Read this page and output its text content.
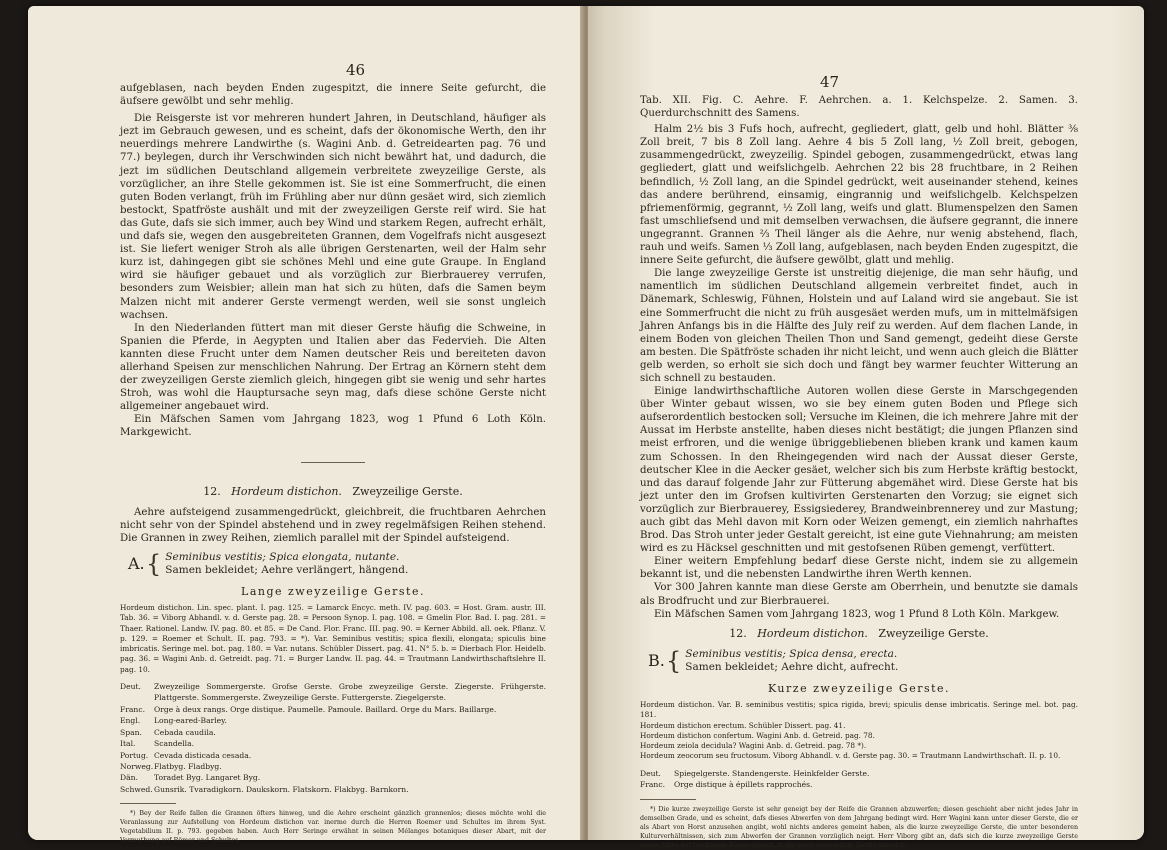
46

aufgeblasen, nach beyden Enden zugespitzt, die innere Seite gefurcht, die äufsere gewölbt und sehr mehlig.

Die Reisgerste ist vor mehreren hundert Jahren, in Deutschland, häufiger als jezt im Gebrauch gewesen, und es scheint, dafs der ökonomische Werth, den ihr neuerdings mehrere Landwirthe (s. Wagini Anb. d. Getreidearten pag. 76 und 77.) beylegen, durch ihr Verschwinden sich nicht bewährt hat, und dadurch, die jezt im südlichen Deutschland allgemein verbreitete zweyzeilige Gerste, als vorzüglicher, an ihre Stelle gekommen ist. Sie ist eine Sommerfrucht, die einen guten Boden verlangt, früh im Frühling aber nur dünn gesäet wird, sich ziemlich bestockt, Spatfröste aushält und mit der zweyzeiligen Gerste reif wird. Sie hat das Gute, dafs sie sich immer, auch bey Wind und starkem Regen, aufrecht erhält, und dafs sie, wegen den ausgebreiteten Grannen, dem Vogelfrafs nicht ausgesezt ist. Sie liefert weniger Stroh als alle übrigen Gerstenarten, weil der Halm sehr kurz ist, dahingegen gibt sie schönes Mehl und eine gute Graupe. In England wird sie häufiger gebauet und als vorzüglich zur Bierbrauerey verrufen, besonders zum Weisbier; allein man hat sich zu hüten, dafs die Samen beym Malzen nicht mit anderer Gerste vermengt werden, weil sie sonst ungleich wachsen.

In den Niederlanden füttert man mit dieser Gerste häufig die Schweine, in Spanien die Pferde, in Aegypten und Italien aber das Federvieh. Die Alten kannten diese Frucht unter dem Namen deutscher Reis und bereiteten davon allerhand Speisen zur menschlichen Nahrung. Der Ertrag an Körnern steht dem der zweyzeiligen Gerste ziemlich gleich, hingegen gibt sie wenig und sehr hartes Stroh, was wohl die Hauptursache seyn mag, dafs diese schöne Gerste nicht allgemeiner angebauet wird.

Ein Mäfschen Samen vom Jahrgang 1823, wog 1 Pfund 6 Loth Köln. Markgewicht.

12. Hordeum distichon. Zweyzeilige Gerste.

Aehre aufsteigend zusammengedrückt, gleichbreit, die fruchtbaren Aehrchen nicht sehr von der Spindel abstehend und in zwey regelmäfsigen Reihen stehend. Die Grannen in zwey Reihen, ziemlich parallel mit der Spindel aufsteigend.

A. { Seminibus vestitis; Spica elongata, nutante.
Samen bekleidet; Aehre verlängert, hängend.
Lange zweyzeilige Gerste.

Hordeum distichon. Lin. spec. plant. I. pag. 125. = Lamarck Encyc. meth. IV. pag. 603. = Host. Gram. austr. III. Tab. 36. = Viborg Abhandl. v. d. Gerste pag. 28. = Persoon Synop. I. pag. 108. = Gmelin Flor. Bad. I. pag. 281. = Thaer. Rationel. Landw. IV. pag. 80. et 85. = De Cand. Flor. Franc. III. pag. 90. = Kerner Abbild. all. oek. Pflanz. V. p. 129. = Roemer et Schult. II. pag. 793. = *). Var. Seminibus vestitis; spica flexili, elongata; spiculis bine imbricatis. Seringe mel. bot. pag. 180. = Var. nutans. Schübler Dissert. pag. 41. N° 5. b. = Dierbach Flor. Heidelb. pag. 36. = Wagini Anb. d. Getreidt. pag. 71. = Burger Landw. II. pag. 44. = Trautmann Landwirthschaftslehre II. pag. 10.

Deut.	Zweyzeilige Sommergerste. Grofse Gerste. Grobe zweyzeilige Gerste. Ziegerste. Frühgerste. Plattgerste. Sommergerste. Zweyzeilige Gerste. Futtergerste. Ziegelgerste.
Franc.	Orge à deux rangs. Orge distique. Paumelle. Pamoule. Baillard. Orge du Mars. Baillarge.
Engl.	Long-eared-Barley.
Span.	Cebada caudila.
Ital.	Scandella.
Portug. Cevada disticada cesada.
Norweg. Flatbyg. Fladbyg.
Dän.	Toradet Byg. Langaret Byg.
Schwed. Gunsrik. Tvaradigkorn. Daukskorn. Flatskorn. Flakbyg. Barnkorn.

*) Bey der Reife fallen die Grannen öfters hinweg, und die Aehre erscheint gänzlich grannenlos; dieses möchte wohl die Veranlassung zur Aufstellung von Hordeum distichon var. inerme durch die Herren Roemer und Schultes im ihrem Syst. Vegetabilium II. p. 793. gegeben haben. Auch Herr Seringe erwähnt in seinen Mélanges botaniques dieser Abart, mit der Vermuthung auf Römer und Schultes.

47

Tab. XII. Fig. C. Aehre. F. Aehrchen. a. 1. Kelchspelze. 2. Samen. 3. Querdurchschnitt des Samens.

Halm 2½ bis 3 Fufs hoch, aufrecht, gegliedert, glatt, gelb und hohl. Blätter ⅜ Zoll breit, 7 bis 8 Zoll lang. Aehre 4 bis 5 Zoll lang, ½ Zoll breit, gebogen, zusammengedrückt, zweyzeilig. Spindel gebogen, zusammengedrückt, etwas lang gegliedert, glatt und weifslichgelb. Aehrchen 22 bis 28 fruchtbare, in 2 Reihen befindlich, ½ Zoll lang, an die Spindel gedrückt, weit auseinander stehend, keines das andere berührend, einsamig, eingrannig und weifslichgelb. Kelchspelzen pfriemenförmig, gegrannt, ½ Zoll lang, weifs und glatt. Blumenspelzen den Samen fast umschliefsend und mit demselben verwachsen, die äufsere gegrannt, die innere ungegrannt. Grannen ⅔ Theil länger als die Aehre, nur wenig abstehend, flach, rauh und weifs. Samen ⅓ Zoll lang, aufgeblasen, nach beyden Enden zugespitzt, die innere Seite gefurcht, die äufsere gewölbt, glatt und mehlig.

Die lange zweyzeilige Gerste ist unstreitig diejenige, die man sehr häufig, und namentlich im südlichen Deutschland allgemein verbreitet findet, auch in Dänemark, Schleswig, Fühnen, Holstein und auf Laland wird sie angebaut. Sie ist eine Sommerfrucht die nicht zu früh ausgesäet werden mufs, um in mittelmäfsigen Jahren Anfangs bis in die Hälfte des July reif zu werden. Auf dem flachen Lande, in einem Boden von gleichen Theilen Thon und Sand gemengt, gedeiht diese Gerste am besten. Die Spätfröste schaden ihr nicht leicht, und wenn auch gleich die Blätter gelb werden, so erholt sie sich doch und fängt bey warmer feuchter Witterung an sich schnell zu bestauden.

Einige landwirthschaftliche Autoren wollen diese Gerste in Marschgegenden über Winter gebaut wissen, wo sie bey einem guten Boden und Pflege sich aufserordentlich bestocken soll; Versuche im Kleinen, die ich mehrere Jahre mit der Aussat im Herbste anstellte, haben dieses nicht bestätigt; die jungen Pflanzen sind meist erfroren, und die wenige übriggebliebenen blieben krank und kamen kaum zum Schossen. In den Rheingegenden wird nach der Aussat dieser Gerste, deutscher Klee in die Aecker gesäet, welcher sich bis zum Herbste kräftig bestockt, und das darauf folgende Jahr zur Fütterung abgemähet wird. Diese Gerste hat bis jezt unter den im Grofsen kultivirten Gerstenarten den Vorzug; sie eignet sich vorzüglich zur Bierbrauerey, Essigsiederey, Brandweinbrennerey und zur Mastung; auch gibt das Mehl davon mit Korn oder Weizen gemengt, ein ziemlich nahrhaftes Brod. Das Stroh unter jeder Gestalt gereicht, ist eine gute Viehnahrung; am meisten wird es zu Häcksel geschnitten und mit gestofsenen Rüben gemengt, verfüttert.

Einer weitern Empfehlung bedarf diese Gerste nicht, indem sie zu allgemein bekannt ist, und die nebensten Landwirthe ihren Werth kennen.

Vor 300 Jahren kannte man diese Gerste am Oberrhein, und benutzte sie damals als Brodfrucht und zur Bierbrauerei.

Ein Mäfschen Samen vom Jahrgang 1823, wog 1 Pfund 8 Loth Köln. Markgew.

12. Hordeum distichon. Zweyzeilige Gerste.
B. { Seminibus vestitis; Spica densa, erecta.
Samen bekleidet; Aehre dicht, aufrecht.
Kurze zweyzeilige Gerste.

Hordeum distichon. Var. B. seminibus vestitis; spica rigida, brevi; spiculis dense imbricatis. Seringe mel. bot. pag. 181.

Hordeum distichon erectum. Schübler Dissert. pag. 41.

Hordeum distichon confertum. Wagini Anb. d. Getreid. pag. 78.

Hordeum zeiola decidula? Wagini Anb. d. Getreid. pag. 78 *).

Hordeum zeocorum seu fructosum. Viborg Abhandl. v. d. Gerste pag. 30. = Trautmann Landwirthschaft. II. p. 10.

Deut.	Spiegelgerste. Standengerste. Heinkfelder Gerste.
Franc.	Orge distique à épillets rapprochés.

*) Die kurze zweyzeilige Gerste ist sehr geneigt bey der Reife die Grannen abzuwerfen; diesen geschieht aber nicht jedes Jahr in demselben Grade, und es scheint, dafs dieses Abwerfen von dem Jahrgang bedingt wird. Herr Wagini kann unter dieser Gerste, die er als Abart von Horst anzusehen angibt, wohl nichts anderes gemeint haben, als die kurze zweyzeilige Gerste, die unter besonderen Kulturverhältnissen, sich zum Abwerfen der Grannen vorzüglich neigt. Herr Viborg gibt an, dafs sich die kurze zweyzeilige Gerste einige Jahre auf trockenem Boden gebaut, in die lange zweyzeilige Gerste umsetze.
